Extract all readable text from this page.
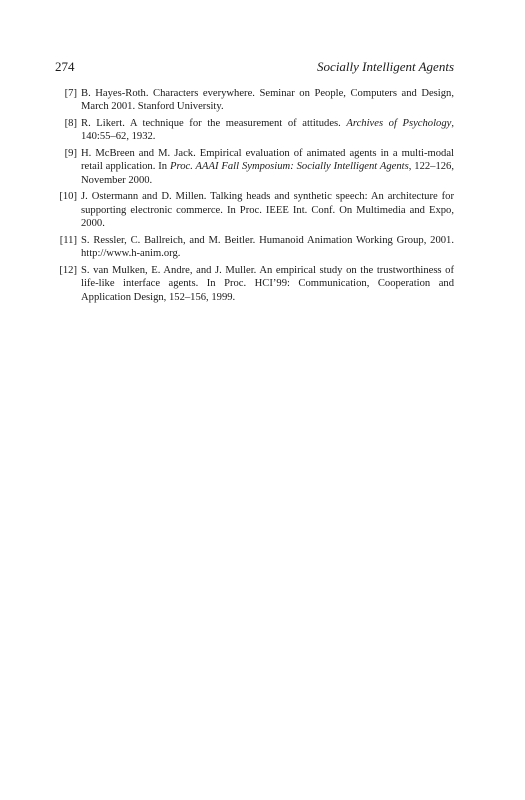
274	Socially Intelligent Agents
[7] B. Hayes-Roth. Characters everywhere. Seminar on People, Computers and Design, March 2001. Stanford University.
[8] R. Likert. A technique for the measurement of attitudes. Archives of Psychology, 140:55–62, 1932.
[9] H. McBreen and M. Jack. Empirical evaluation of animated agents in a multi-modal retail application. In Proc. AAAI Fall Symposium: Socially Intelligent Agents, 122–126, November 2000.
[10] J. Ostermann and D. Millen. Talking heads and synthetic speech: An architecture for supporting electronic commerce. In Proc. IEEE Int. Conf. On Multimedia and Expo, 2000.
[11] S. Ressler, C. Ballreich, and M. Beitler. Humanoid Animation Working Group, 2001. http://www.h-anim.org.
[12] S. van Mulken, E. Andre, and J. Muller. An empirical study on the trustworthiness of life-like interface agents. In Proc. HCI’99: Communication, Cooperation and Application Design, 152–156, 1999.
